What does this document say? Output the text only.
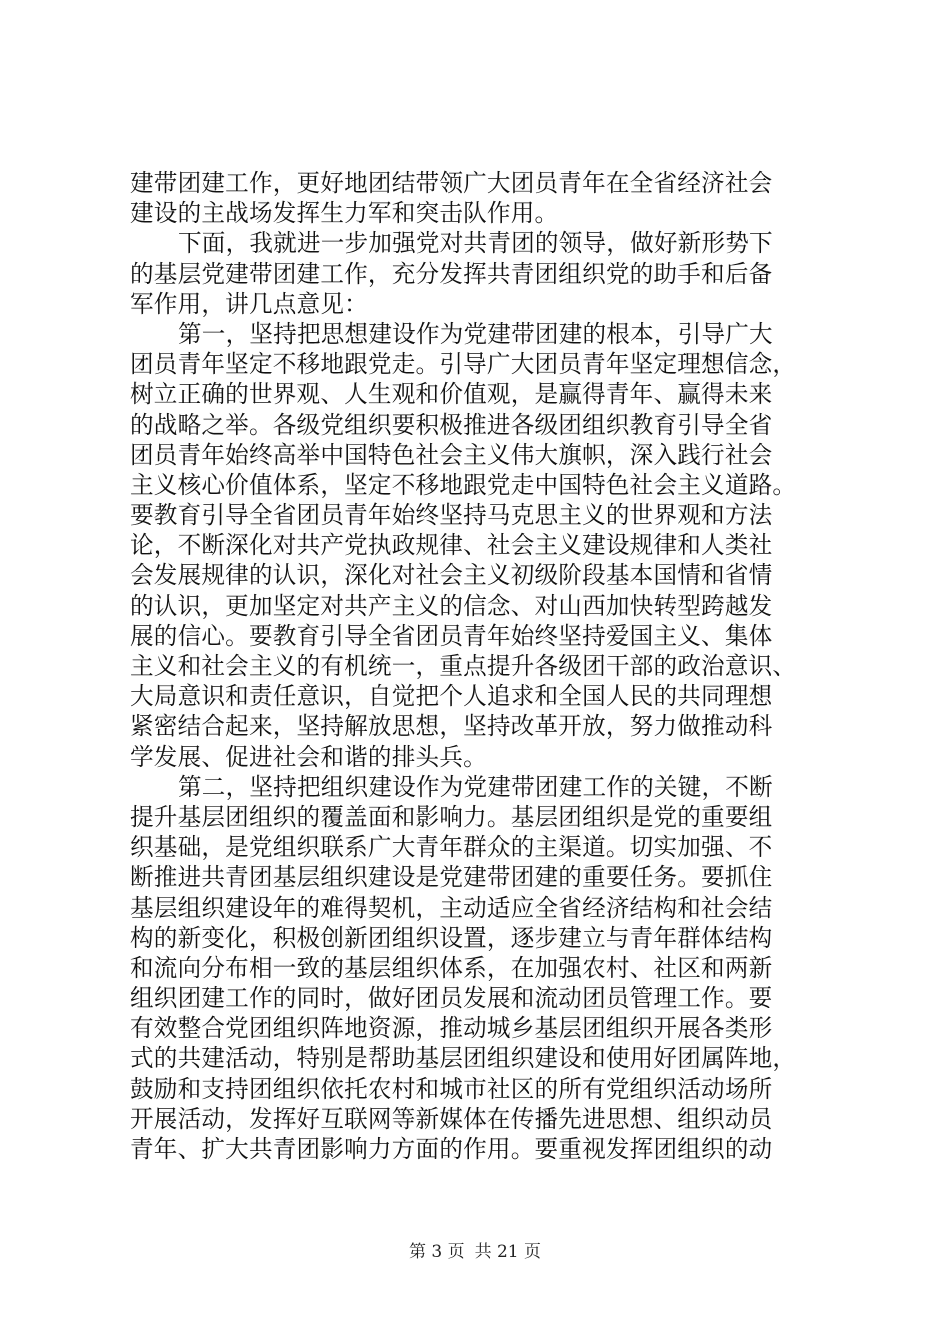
建带团建工作，更好地团结带领广大团员青年在全省经济社会
建设的主战场发挥生力军和突击队作用。
下面，我就进一步加强党对共青团的领导，做好新形势下
的基层党建带团建工作，充分发挥共青团组织党的助手和后备
军作用，讲几点意见：
第一，坚持把思想建设作为党建带团建的根本，引导广大
团员青年坚定不移地跟党走。引导广大团员青年坚定理想信念，
树立正确的世界观、人生观和价值观，是赢得青年、赢得未来
的战略之举。各级党组织要积极推进各级团组织教育引导全省
团员青年始终高举中国特色社会主义伟大旗帜，深入践行社会
主义核心价值体系，坚定不移地跟党走中国特色社会主义道路。
要教育引导全省团员青年始终坚持马克思主义的世界观和方法
论，不断深化对共产党执政规律、社会主义建设规律和人类社
会发展规律的认识，深化对社会主义初级阶段基本国情和省情
的认识，更加坚定对共产主义的信念、对山西加快转型跨越发
展的信心。要教育引导全省团员青年始终坚持爱国主义、集体
主义和社会主义的有机统一，重点提升各级团干部的政治意识、
大局意识和责任意识，自觉把个人追求和全国人民的共同理想
紧密结合起来，坚持解放思想，坚持改革开放，努力做推动科
学发展、促进社会和谐的排头兵。
第二，坚持把组织建设作为党建带团建工作的关键，不断
提升基层团组织的覆盖面和影响力。基层团组织是党的重要组
织基础，是党组织联系广大青年群众的主渠道。切实加强、不
断推进共青团基层组织建设是党建带团建的重要任务。要抓住
基层组织建设年的难得契机，主动适应全省经济结构和社会结
构的新变化，积极创新团组织设置，逐步建立与青年群体结构
和流向分布相一致的基层组织体系，在加强农村、社区和两新
组织团建工作的同时，做好团员发展和流动团员管理工作。要
有效整合党团组织阵地资源，推动城乡基层团组织开展各类形
式的共建活动，特别是帮助基层团组织建设和使用好团属阵地，
鼓励和支持团组织依托农村和城市社区的所有党组织活动场所
开展活动，发挥好互联网等新媒体在传播先进思想、组织动员
青年、扩大共青团影响力方面的作用。要重视发挥团组织的动
第 3 页 共 21 页
